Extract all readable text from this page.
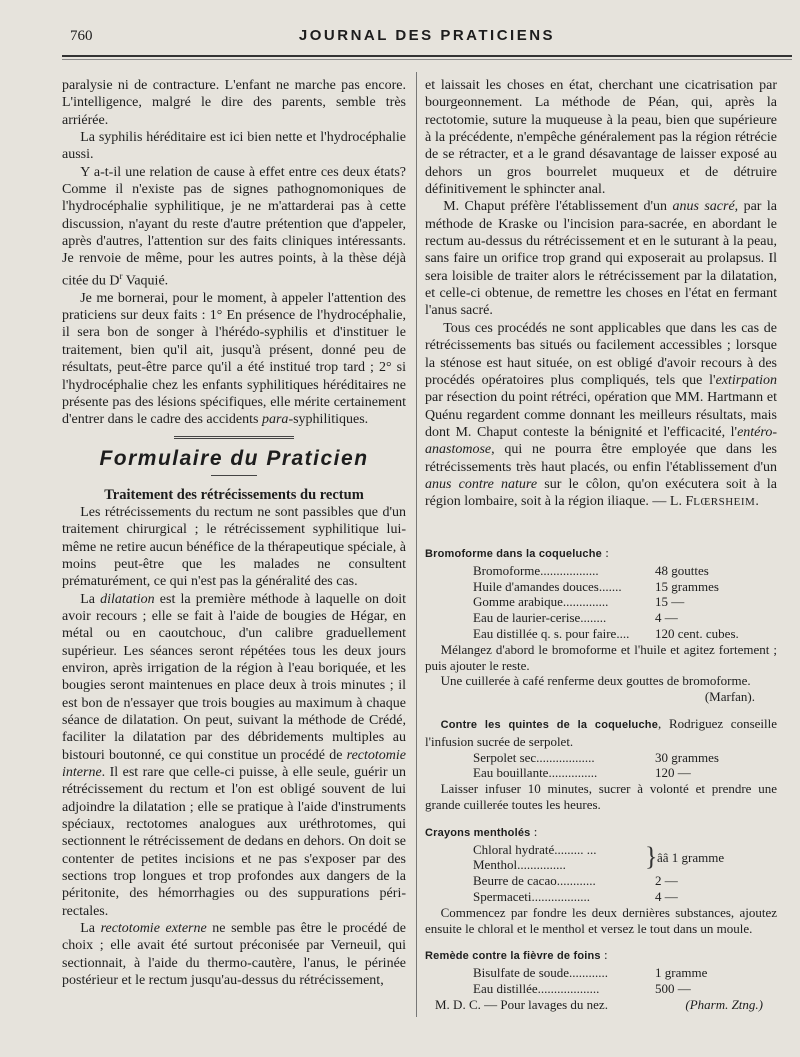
760	JOURNAL DES PRATICIENS

paralysie ni de contracture. L'enfant ne marche pas encore. L'intelligence, malgré le dire des parents, semble très arriérée.

La syphilis héréditaire est ici bien nette et l'hydrocéphalie aussi.

Y a-t-il une relation de cause à effet entre ces deux états? Comme il n'existe pas de signes pathognomoniques de l'hydrocéphalie syphilitique, je ne m'attarderai pas à cette discussion, n'ayant du reste d'autre prétention que d'appeler, après d'autres, l'attention sur des faits cliniques intéressants. Je renvoie de même, pour les autres points, à la thèse déjà citée du $D^r$ Vaquié.

Je me bornerai, pour le moment, à appeler l'attention des praticiens sur deux faits : 1° En présence de l'hydrocéphalie, il sera bon de songer à l'hérédo-syphilis et d'instituer le traitement, bien qu'il ait, jusqu'à présent, donné peu de résultats, peut-être parce qu'il a été institué trop tard ; 2° si l'hydrocéphalie chez les enfants syphilitiques héréditaires ne présente pas des lésions spécifiques, elle mérite certainement d'entrer dans le cadre des accidents para-syphilitiques.

Formulaire du Praticien

Traitement des rétrécissements du rectum

Les rétrécissements du rectum ne sont passibles que d'un traitement chirurgical ; le rétrécissement syphilitique lui-même ne retire aucun bénéfice de la thérapeutique spéciale, à moins peut-être que les malades ne consultent prématurément, ce qui n'est pas la généralité des cas.

La dilatation est la première méthode à laquelle on doit avoir recours ; elle se fait à l'aide de bougies de Hégar, en métal ou en caoutchouc, d'un calibre graduellement supérieur. Les séances seront répétées tous les deux jours environ, après irrigation de la région à l'eau boriquée, et les bougies seront maintenues en place deux à trois minutes ; il est bon de n'essayer que trois bougies au maximum à chaque séance de dilatation. On peut, suivant la méthode de Crédé, faciliter la dilatation par des débridements multiples au bistouri boutonné, ce qui constitue un procédé de rectotomie interne. Il est rare que celle-ci puisse, à elle seule, guérir un rétrécissement du rectum et l'on est obligé souvent de lui adjoindre la dilatation ; elle se pratique à l'aide d'instruments spéciaux, rectotomes analogues aux uréthrotomes, qui sectionnent le rétrécissement de dedans en dehors. On doit se contenter de petites incisions et ne pas s'exposer par des sections trop longues et trop profondes aux dangers de la péritonite, des hémorrhagies ou des suppurations péri-rectales.

La rectotomie externe ne semble pas être le procédé de choix ; elle avait été surtout préconisée par Verneuil, qui sectionnait, à l'aide du thermo-cautère, l'anus, le périnée postérieur et le rectum jusqu'au-dessus du rétrécissement,

et laissait les choses en état, cherchant une cicatrisation par bourgeonnement. La méthode de Péan, qui, après la rectotomie, suture la muqueuse à la peau, bien que supérieure à la précédente, n'empêche généralement pas la région rétrécie de se rétracter, et a le grand désavantage de laisser exposé au dehors un gros bourrelet muqueux et de détruire définitivement le sphincter anal.

M. Chaput préfère l'établissement d'un anus sacré, par la méthode de Kraske ou l'incision para-sacrée, en abordant le rectum au-dessus du rétrécissement et en le suturant à la peau, sans faire un orifice trop grand qui exposerait au prolapsus. Il sera loisible de traiter alors le rétrécissement par la dilatation, et celle-ci obtenue, de remettre les choses en l'état en fermant l'anus sacré.

Tous ces procédés ne sont applicables que dans les cas de rétrécissements bas situés ou facilement accessibles ; lorsque la sténose est haut située, on est obligé d'avoir recours à des procédés opératoires plus compliqués, tels que l'extirpation par résection du point rétréci, opération que MM. Hartmann et Quénu regardent comme donnant les meilleurs résultats, mais dont M. Chaput conteste la bénignité et l'efficacité, l'entéro-anastomose, qui ne pourra être employée que dans les rétrécissements très haut placés, ou enfin l'établissement d'un anus contre nature sur le côlon, qu'on exécutera soit à la région lombaire, soit à la région iliaque. — L. FLŒRSHEIM.

Bromoforme dans la coqueluche :

Bromoforme..................	48 gouttes
Huile d'amandes douces.......	15 grammes
Gomme arabique..............	15 —
Eau de laurier-cerise........	4 —
Eau distillée q. s. pour faire.... 120 cent. cubes.

Mélangez d'abord le bromoforme et l'huile et agitez fortement ; puis ajouter le reste.

Une cuillerée à café renferme deux gouttes de bromoforme.

(Marfan).

Contre les quintes de la coqueluche, Rodriguez conseille l'infusion sucrée de serpolet.

Serpolet sec..................	30 grammes
Eau bouillante...............	120 —

Laisser infuser 10 minutes, sucrer à volonté et prendre une grande cuillerée toutes les heures.

Crayons mentholés :

Chloral hydraté......... ...
Menthol...............	} ââ 1 gramme
Beurre de cacao............	2 —
Spermaceti..................	4 —

Commencez par fondre les deux dernières substances, ajoutez ensuite le chloral et le menthol et versez le tout dans un moule.

Remède contre la fièvre de foins :

Bisulfate de soude............	1 gramme
Eau distillée...................	500 —
M. D. C. — Pour lavages du nez.	(Pharm. Ztng.)
